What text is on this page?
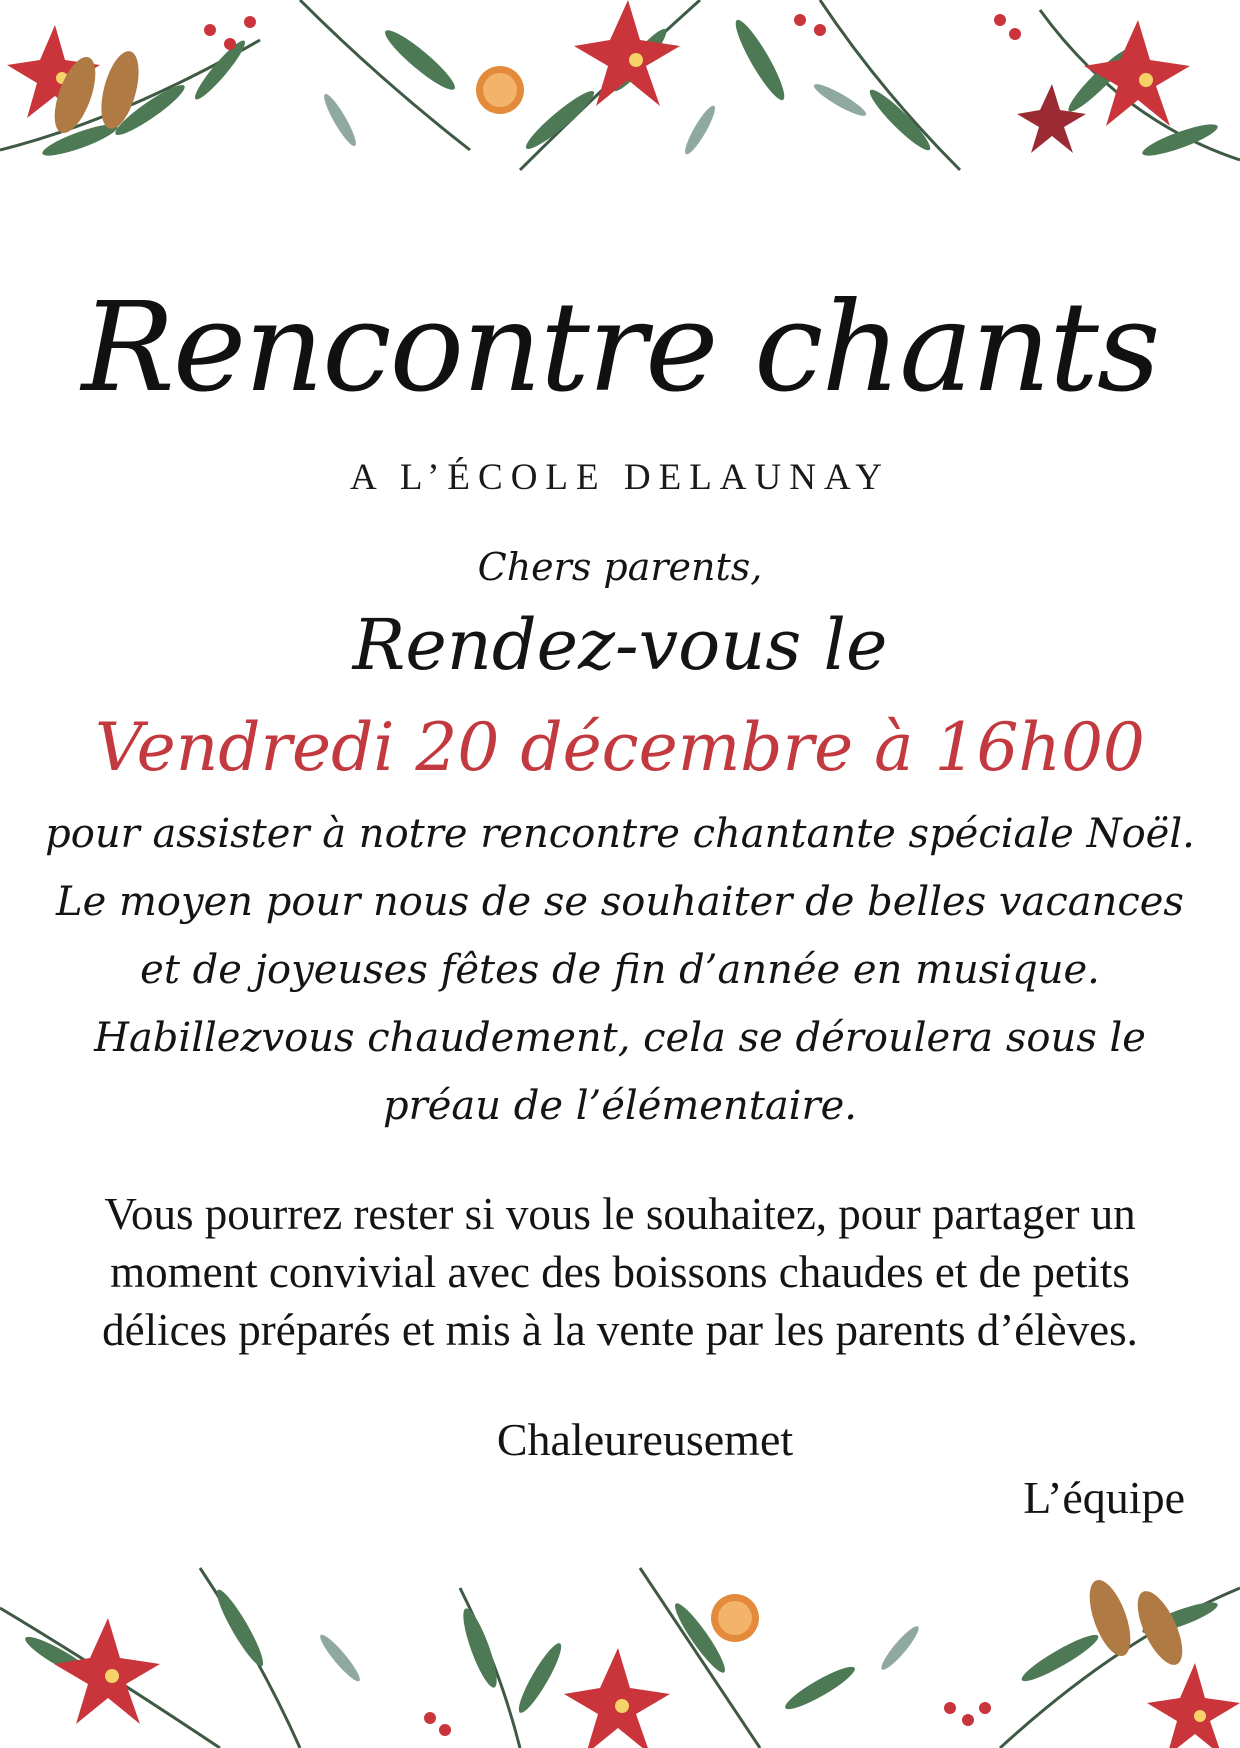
Rencontre chants
A L’ÉCOLE DELAUNAY
Chers parents,
Rendez-vous le
Vendredi 20 décembre à 16h00
pour assister à notre rencontre chantante spéciale Noël.
Le moyen pour nous de se souhaiter de belles vacances
et de joyeuses fêtes de fin d’année en musique.
Habillezvous chaudement, cela se déroulera sous le
préau de l’élémentaire.
Vous pourrez rester si vous le souhaitez, pour partager un
moment convivial avec des boissons chaudes et de petits
délices préparés et mis à la vente par les parents d’élèves.
Chaleureusemet
L’équipe
